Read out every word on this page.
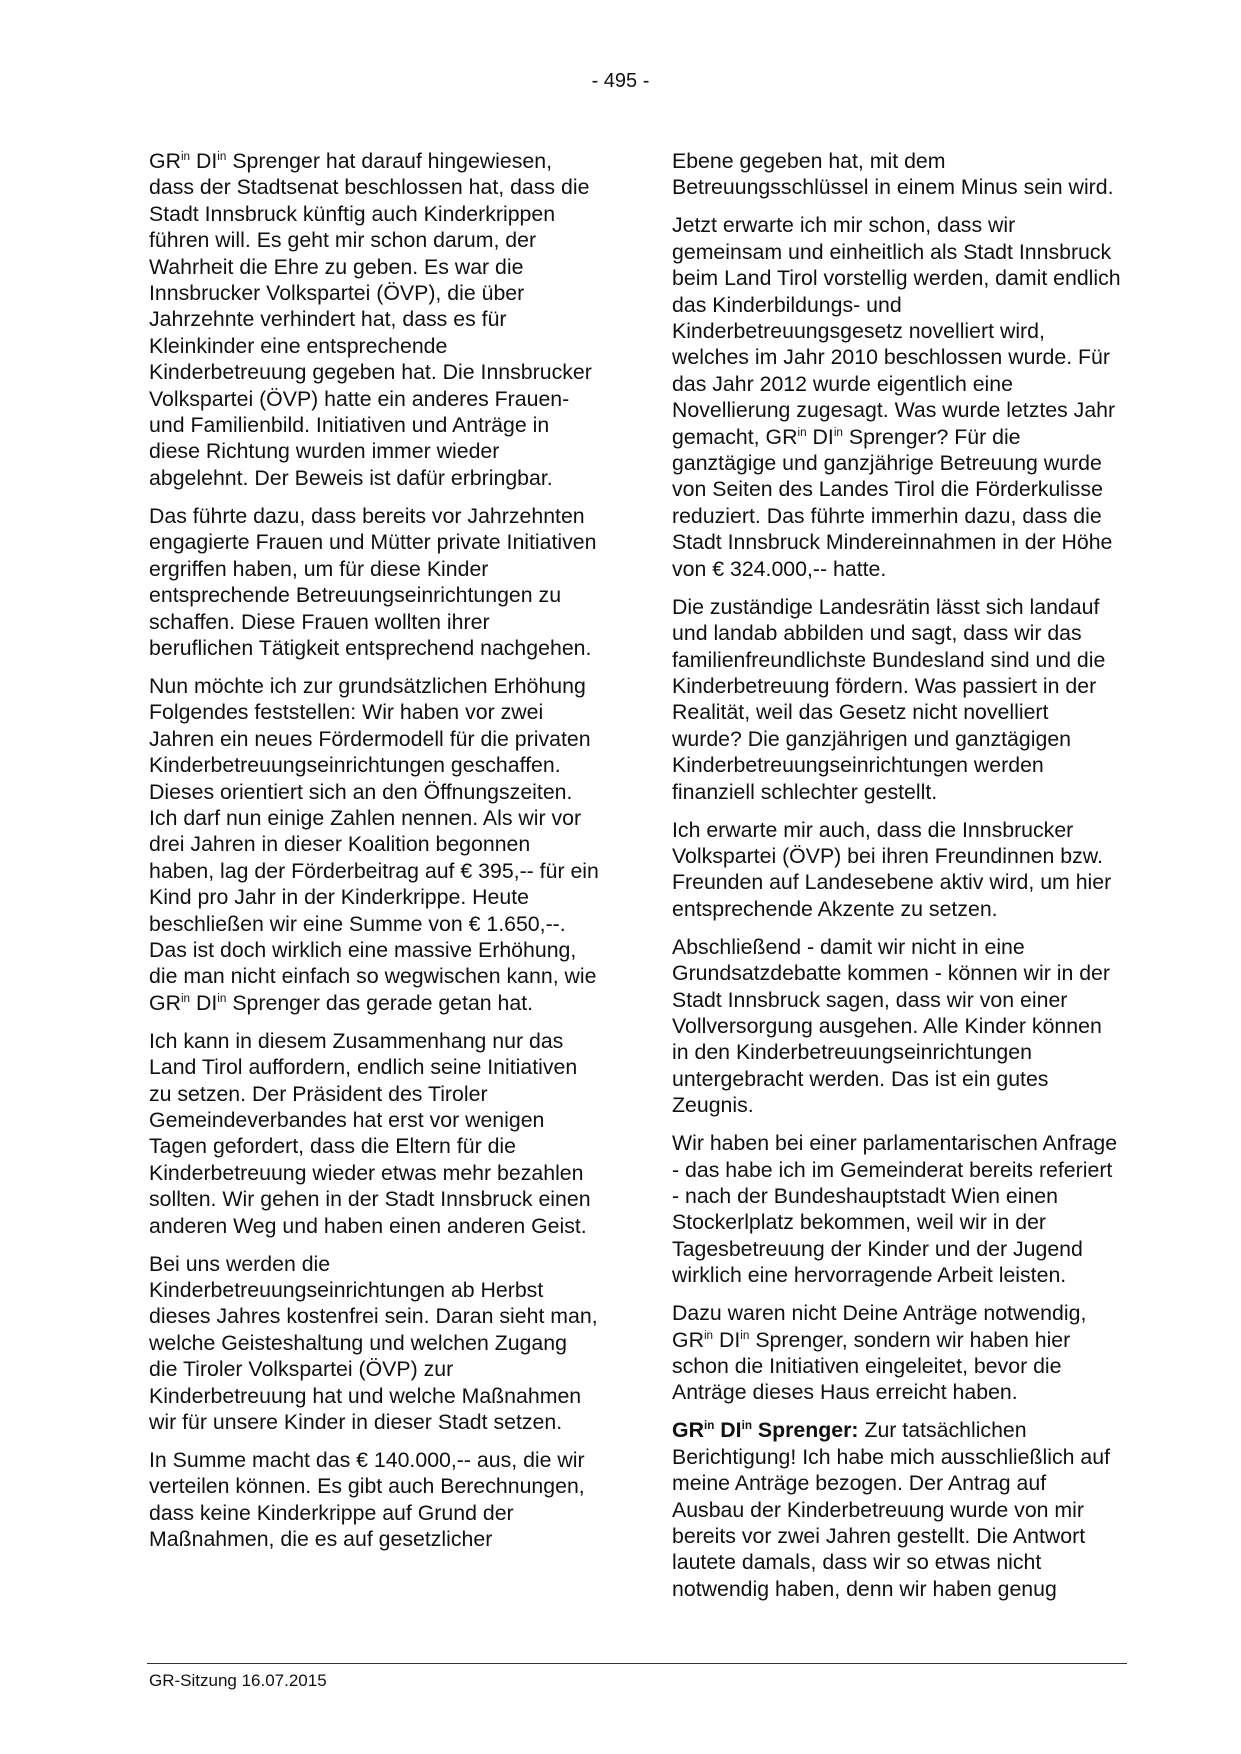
- 495 -

$GR^{in}$ $DI^{in}$ Sprenger hat darauf hingewiesen, dass der Stadtsenat beschlossen hat, dass die Stadt Innsbruck künftig auch Kinderkrippen führen will. Es geht mir schon darum, der Wahrheit die Ehre zu geben. Es war die Innsbrucker Volkspartei (ÖVP), die über Jahrzehnte verhindert hat, dass es für Kleinkinder eine entsprechende Kinderbetreuung gegeben hat. Die Innsbrucker Volkspartei (ÖVP) hatte ein anderes Frauen- und Familienbild. Initiativen und Anträge in diese Richtung wurden immer wieder abgelehnt. Der Beweis ist dafür erbringbar.

Das führte dazu, dass bereits vor Jahrzehnten engagierte Frauen und Mütter private Initiativen ergriffen haben, um für diese Kinder entsprechende Betreuungseinrichtungen zu schaffen. Diese Frauen wollten ihrer beruflichen Tätigkeit entsprechend nachgehen.

Nun möchte ich zur grundsätzlichen Erhöhung Folgendes feststellen: Wir haben vor zwei Jahren ein neues Fördermodell für die privaten Kinderbetreuungseinrichtungen geschaffen. Dieses orientiert sich an den Öffnungszeiten. Ich darf nun einige Zahlen nennen. Als wir vor drei Jahren in dieser Koalition begonnen haben, lag der Förderbeitrag auf € 395,-- für ein Kind pro Jahr in der Kinderkrippe. Heute beschließen wir eine Summe von € 1.650,--. Das ist doch wirklich eine massive Erhöhung, die man nicht einfach so wegwischen kann, wie $GR^{in}$ $DI^{in}$ Sprenger das gerade getan hat.

Ich kann in diesem Zusammenhang nur das Land Tirol auffordern, endlich seine Initiativen zu setzen. Der Präsident des Tiroler Gemeindeverbandes hat erst vor wenigen Tagen gefordert, dass die Eltern für die Kinderbetreuung wieder etwas mehr bezahlen sollten. Wir gehen in der Stadt Innsbruck einen anderen Weg und haben einen anderen Geist.

Bei uns werden die Kinderbetreuungseinrichtungen ab Herbst dieses Jahres kostenfrei sein. Daran sieht man, welche Geisteshaltung und welchen Zugang die Tiroler Volkspartei (ÖVP) zur Kinderbetreuung hat und welche Maßnahmen wir für unsere Kinder in dieser Stadt setzen.

In Summe macht das € 140.000,-- aus, die wir verteilen können. Es gibt auch Berechnungen, dass keine Kinderkrippe auf Grund der Maßnahmen, die es auf gesetzlicher

Ebene gegeben hat, mit dem Betreuungsschlüssel in einem Minus sein wird.

Jetzt erwarte ich mir schon, dass wir gemeinsam und einheitlich als Stadt Innsbruck beim Land Tirol vorstellig werden, damit endlich das Kinderbildungs- und Kinderbetreuungsgesetz novelliert wird, welches im Jahr 2010 beschlossen wurde. Für das Jahr 2012 wurde eigentlich eine Novellierung zugesagt. Was wurde letztes Jahr gemacht, $GR^{in}$ $DI^{in}$ Sprenger? Für die ganztägige und ganzjährige Betreuung wurde von Seiten des Landes Tirol die Förderkulisse reduziert. Das führte immerhin dazu, dass die Stadt Innsbruck Mindereinnahmen in der Höhe von € 324.000,-- hatte.

Die zuständige Landesrätin lässt sich landauf und landab abbilden und sagt, dass wir das familienfreundlichste Bundesland sind und die Kinderbetreuung fördern. Was passiert in der Realität, weil das Gesetz nicht novelliert wurde? Die ganzjährigen und ganztägigen Kinderbetreuungseinrichtungen werden finanziell schlechter gestellt.

Ich erwarte mir auch, dass die Innsbrucker Volkspartei (ÖVP) bei ihren Freundinnen bzw. Freunden auf Landesebene aktiv wird, um hier entsprechende Akzente zu setzen.

Abschließend - damit wir nicht in eine Grundsatzdebatte kommen - können wir in der Stadt Innsbruck sagen, dass wir von einer Vollversorgung ausgehen. Alle Kinder können in den Kinderbetreuungseinrichtungen untergebracht werden. Das ist ein gutes Zeugnis.

Wir haben bei einer parlamentarischen Anfrage - das habe ich im Gemeinderat bereits referiert - nach der Bundeshauptstadt Wien einen Stockerlplatz bekommen, weil wir in der Tagesbetreuung der Kinder und der Jugend wirklich eine hervorragende Arbeit leisten.

Dazu waren nicht Deine Anträge notwendig, $GR^{in}$ $DI^{in}$ Sprenger, sondern wir haben hier schon die Initiativen eingeleitet, bevor die Anträge dieses Haus erreicht haben.

$GR^{in}$ $DI^{in}$ Sprenger: Zur tatsächlichen Berichtigung! Ich habe mich ausschließlich auf meine Anträge bezogen. Der Antrag auf Ausbau der Kinderbetreuung wurde von mir bereits vor zwei Jahren gestellt. Die Antwort lautete damals, dass wir so etwas nicht notwendig haben, denn wir haben genug

GR-Sitzung 16.07.2015
